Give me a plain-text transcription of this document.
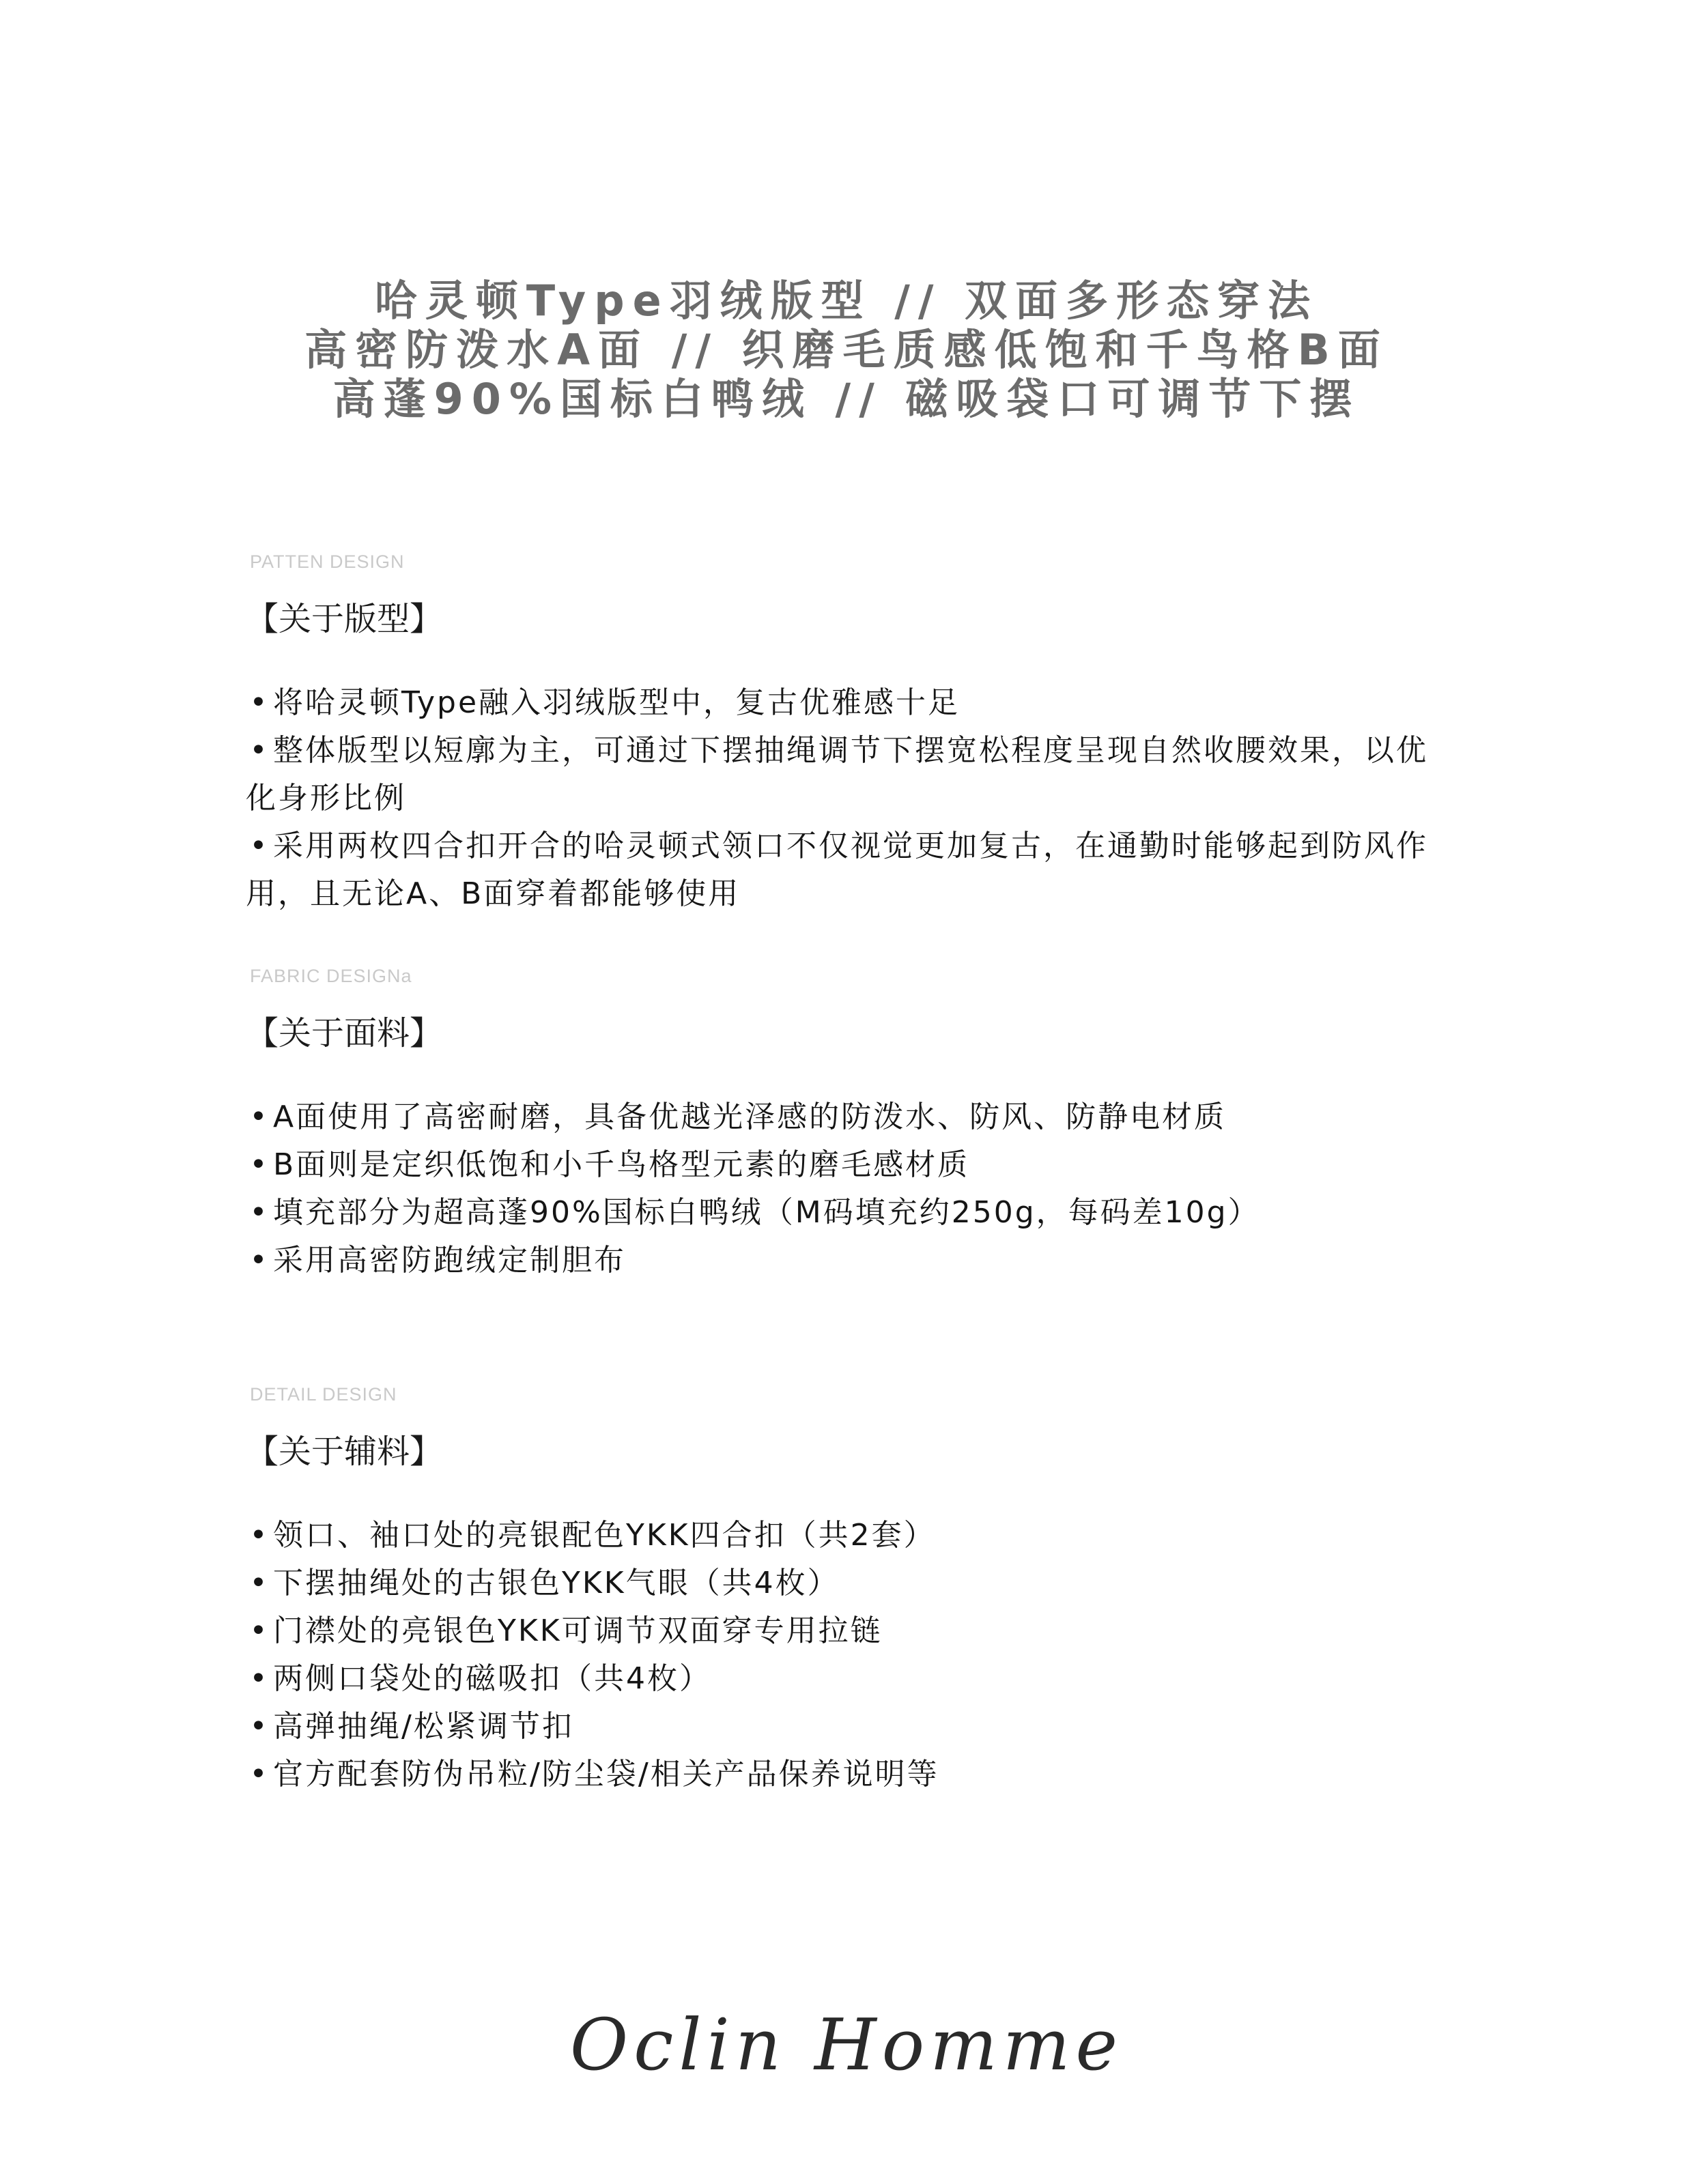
哈灵顿Type羽绒版型 // 双面多形态穿法
高密防泼水A面 // 织磨毛质感低饱和千鸟格B面
高蓬90%国标白鸭绒 // 磁吸袋口可调节下摆
PATTEN DESIGN
【关于版型】
• 将哈灵顿Type融入羽绒版型中，复古优雅感十足
• 整体版型以短廓为主，可通过下摆抽绳调节下摆宽松程度呈现自然收腰效果，以优化身形比例
• 采用两枚四合扣开合的哈灵顿式领口不仅视觉更加复古，在通勤时能够起到防风作用，且无论A、B面穿着都能够使用
FABRIC DESIGNa
【关于面料】
• A面使用了高密耐磨，具备优越光泽感的防泼水、防风、防静电材质
• B面则是定织低饱和小千鸟格型元素的磨毛感材质
• 填充部分为超高蓬90%国标白鸭绒（M码填充约250g，每码差10g）
• 采用高密防跑绒定制胆布
DETAIL DESIGN
【关于辅料】
• 领口、袖口处的亮银配色YKK四合扣（共2套）
• 下摆抽绳处的古银色YKK气眼（共4枚）
• 门襟处的亮银色YKK可调节双面穿专用拉链
• 两侧口袋处的磁吸扣（共4枚）
• 高弹抽绳/松紧调节扣
• 官方配套防伪吊粒/防尘袋/相关产品保养说明等
Oclin Homme
